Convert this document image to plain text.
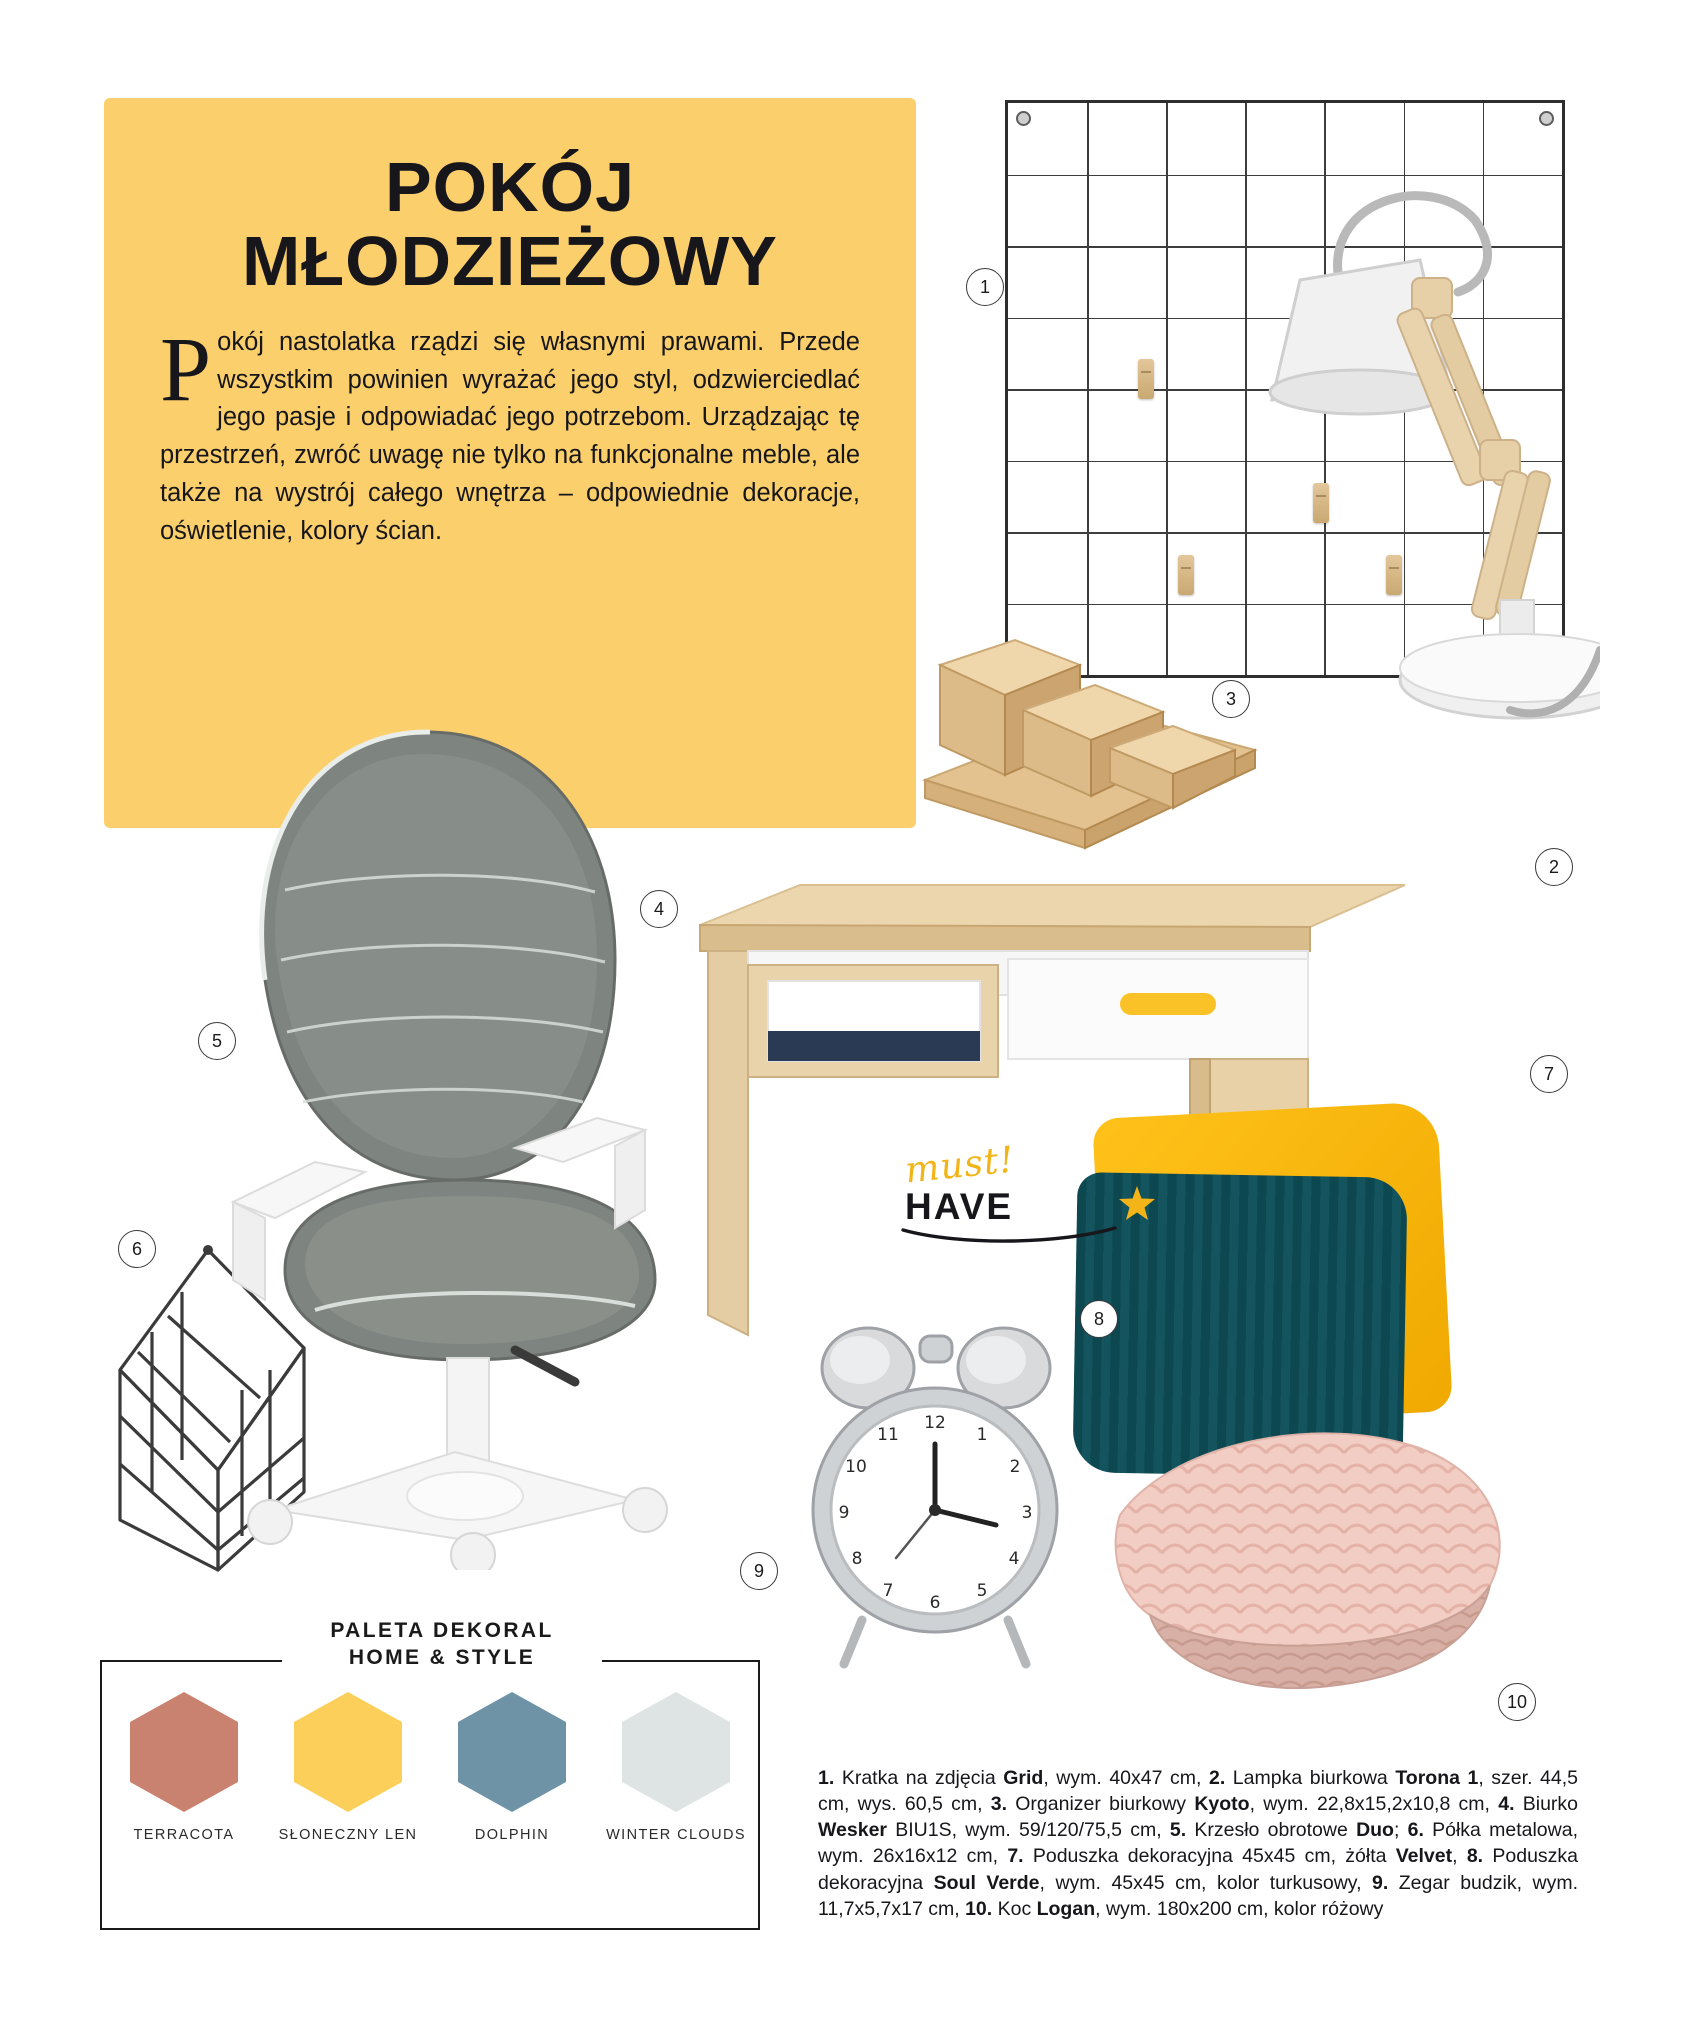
POKÓJ
MŁODZIEŻOWY

Pokój nastolatka rządzi się własnymi prawami. Przede wszystkim powinien wyrażać jego styl, odzwierciedlać jego pasje i odpowiadać jego potrzebom. Urządzając tę przestrzeń, zwróć uwagę nie tylko na funkcjonalne meble, ale także na wystrój całego wnętrza – odpowiednie dekoracje, oświetlenie, kolory ścian.

1
2
3
4
5
6
7
8
12
1
2
3
4
5
6
7
8
9
10
11
9
10
must!
HAVE
PALETA DEKORAL
HOME & STYLE
TERRACOTA	SŁONECZNY LEN	DOLPHIN	WINTER CLOUDS
1. Kratka na zdjęcia Grid, wym. 40x47 cm, 2. Lampka biurkowa Torona 1, szer. 44,5 cm, wys. 60,5 cm, 3. Organizer biurkowy Kyoto, wym. 22,8x15,2x10,8 cm, 4. Biurko Wesker BIU1S, wym. 59/120/75,5 cm, 5. Krzesło obrotowe Duo; 6. Półka metalowa, wym. 26x16x12 cm, 7. Poduszka dekoracyjna 45x45 cm, żółta Velvet, 8. Poduszka dekoracyjna Soul Verde, wym. 45x45 cm, kolor turkusowy, 9. Zegar budzik, wym. 11,7x5,7x17 cm, 10. Koc Logan, wym. 180x200 cm, kolor różowy
